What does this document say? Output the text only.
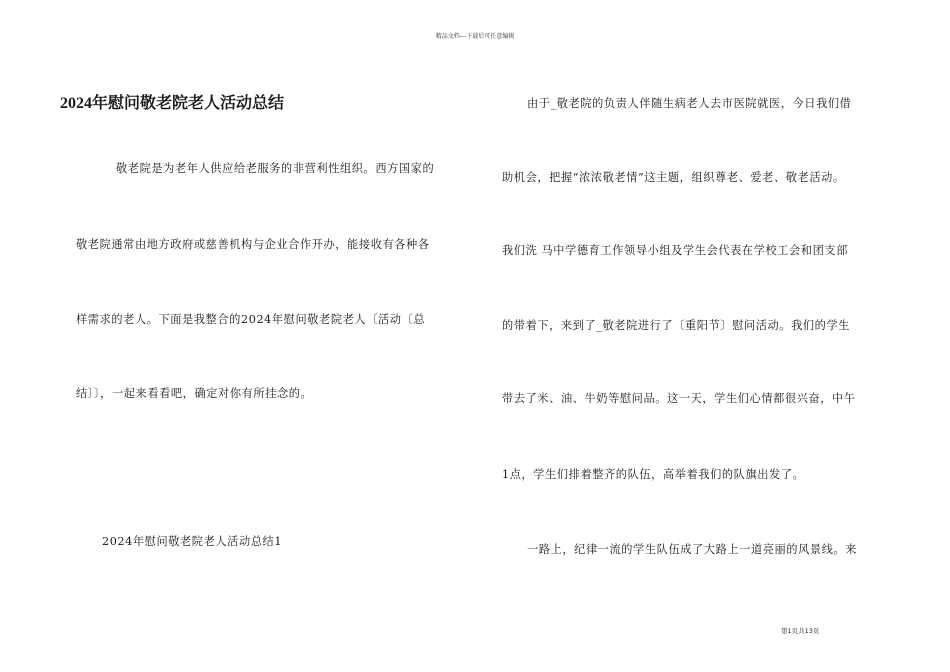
精品文档---下载后可任意编辑
2024年慰问敬老院老人活动总结
敬老院是为老年人供应给老服务的非营利性组织。西方国家的
敬老院通常由地方政府或慈善机构与企业合作开办，能接收有各种各
样需求的老人。下面是我整合的2024年慰问敬老院老人〔活动〔总
结〕〕，一起来看看吧，确定对你有所挂念的。
2024年慰问敬老院老人活动总结1
由于_敬老院的负责人伴随生病老人去市医院就医，今日我们借
助机会，把握“浓浓敬老情”这主题，组织尊老、爱老、敬老活动。
我们洗 马中学德育工作领导小组及学生会代表在学校工会和团支部
的带着下，来到了_敬老院进行了〔重阳节〕慰问活动。我们的学生
带去了米、油、牛奶等慰问品。这一天，学生们心情都很兴奋，中午
1点，学生们排着整齐的队伍，高举着我们的队旗出发了。
一路上，纪律一流的学生队伍成了大路上一道亮丽的风景线。来
第1页共13页
